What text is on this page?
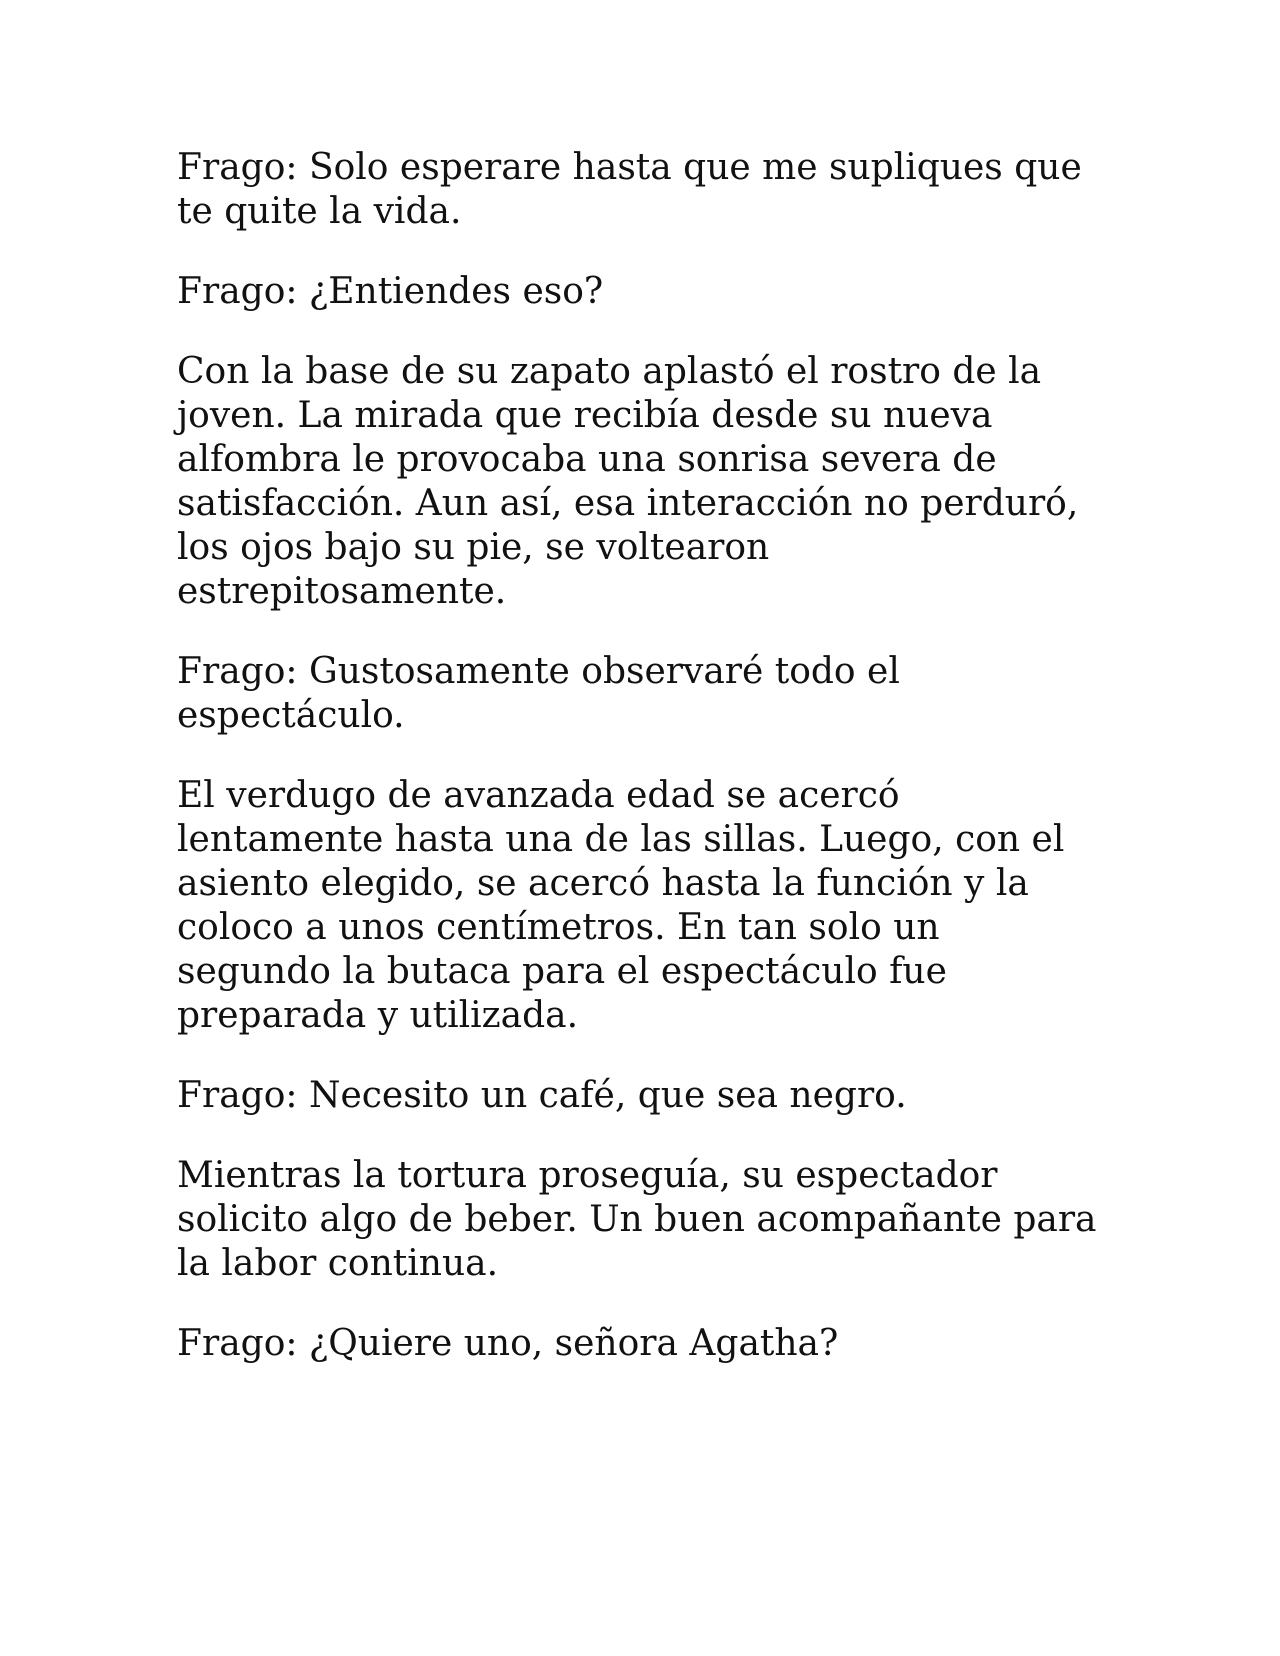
Frago: Solo esperare hasta que me supliques que
te quite la vida.

Frago: ¿Entiendes eso?

Con la base de su zapato aplastó el rostro de la
joven. La mirada que recibía desde su nueva
alfombra le provocaba una sonrisa severa de
satisfacción. Aun así, esa interacción no perduró,
los ojos bajo su pie, se voltearon
estrepitosamente.

Frago: Gustosamente observaré todo el
espectáculo.

El verdugo de avanzada edad se acercó
lentamente hasta una de las sillas. Luego, con el
asiento elegido, se acercó hasta la función y la
coloco a unos centímetros. En tan solo un
segundo la butaca para el espectáculo fue
preparada y utilizada.

Frago: Necesito un café, que sea negro.

Mientras la tortura proseguía, su espectador
solicito algo de beber. Un buen acompañante para
la labor continua.

Frago: ¿Quiere uno, señora Agatha?
